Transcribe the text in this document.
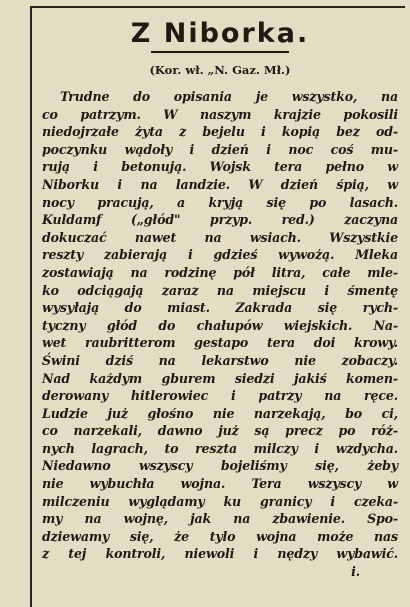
Z Niborka.
(Kor. wł. „N. Gaz. Mł.)
Trudne do opisania je wszystko, na
co patrzym. W naszym krajzie pokosili
niedojrzałe żyta z bejelu i kopią bez od-
poczynku wądoły i dzień i noc coś mu-
rują i betonują. Wojsk tera pełno w
Niborku i na landzie. W dzień śpią, w
nocy pracują, a kryją się po lasach.
Kuldamf („głód" przyp. red.) zaczyna
dokuczać nawet na wsiach. Wszystkie
reszty zabierają i gdzieś wywożą. Mleka
zostawiają na rodzinę pół litra, całe mle-
ko odciągają zaraz na miejscu i śmentę
wysyłają do miast. Zakrada się rych-
tyczny głód do chałupów wiejskich. Na-
wet raubritterom gestapo tera doi krowy.
Świni dziś na lekarstwo nie zobaczy.
Nad każdym gburem siedzi jakiś komen-
derowany hitlerowiec i patrzy na ręce.
Ludzie już głośno nie narzekają, bo ci,
co narzekali, dawno już są precz po róż-
nych lagrach, to reszta milczy i wzdycha.
Niedawno wszyscy bojeliśmy się, żeby
nie wybuchła wojna. Tera wszyscy w
milczeniu wyglądamy ku granicy i czeka-
my na wojnę, jak na zbawienie. Spo-
dziewamy się, że tylo wojna może nas
z tej kontroli, niewoli i nędzy wybawić.
i.
